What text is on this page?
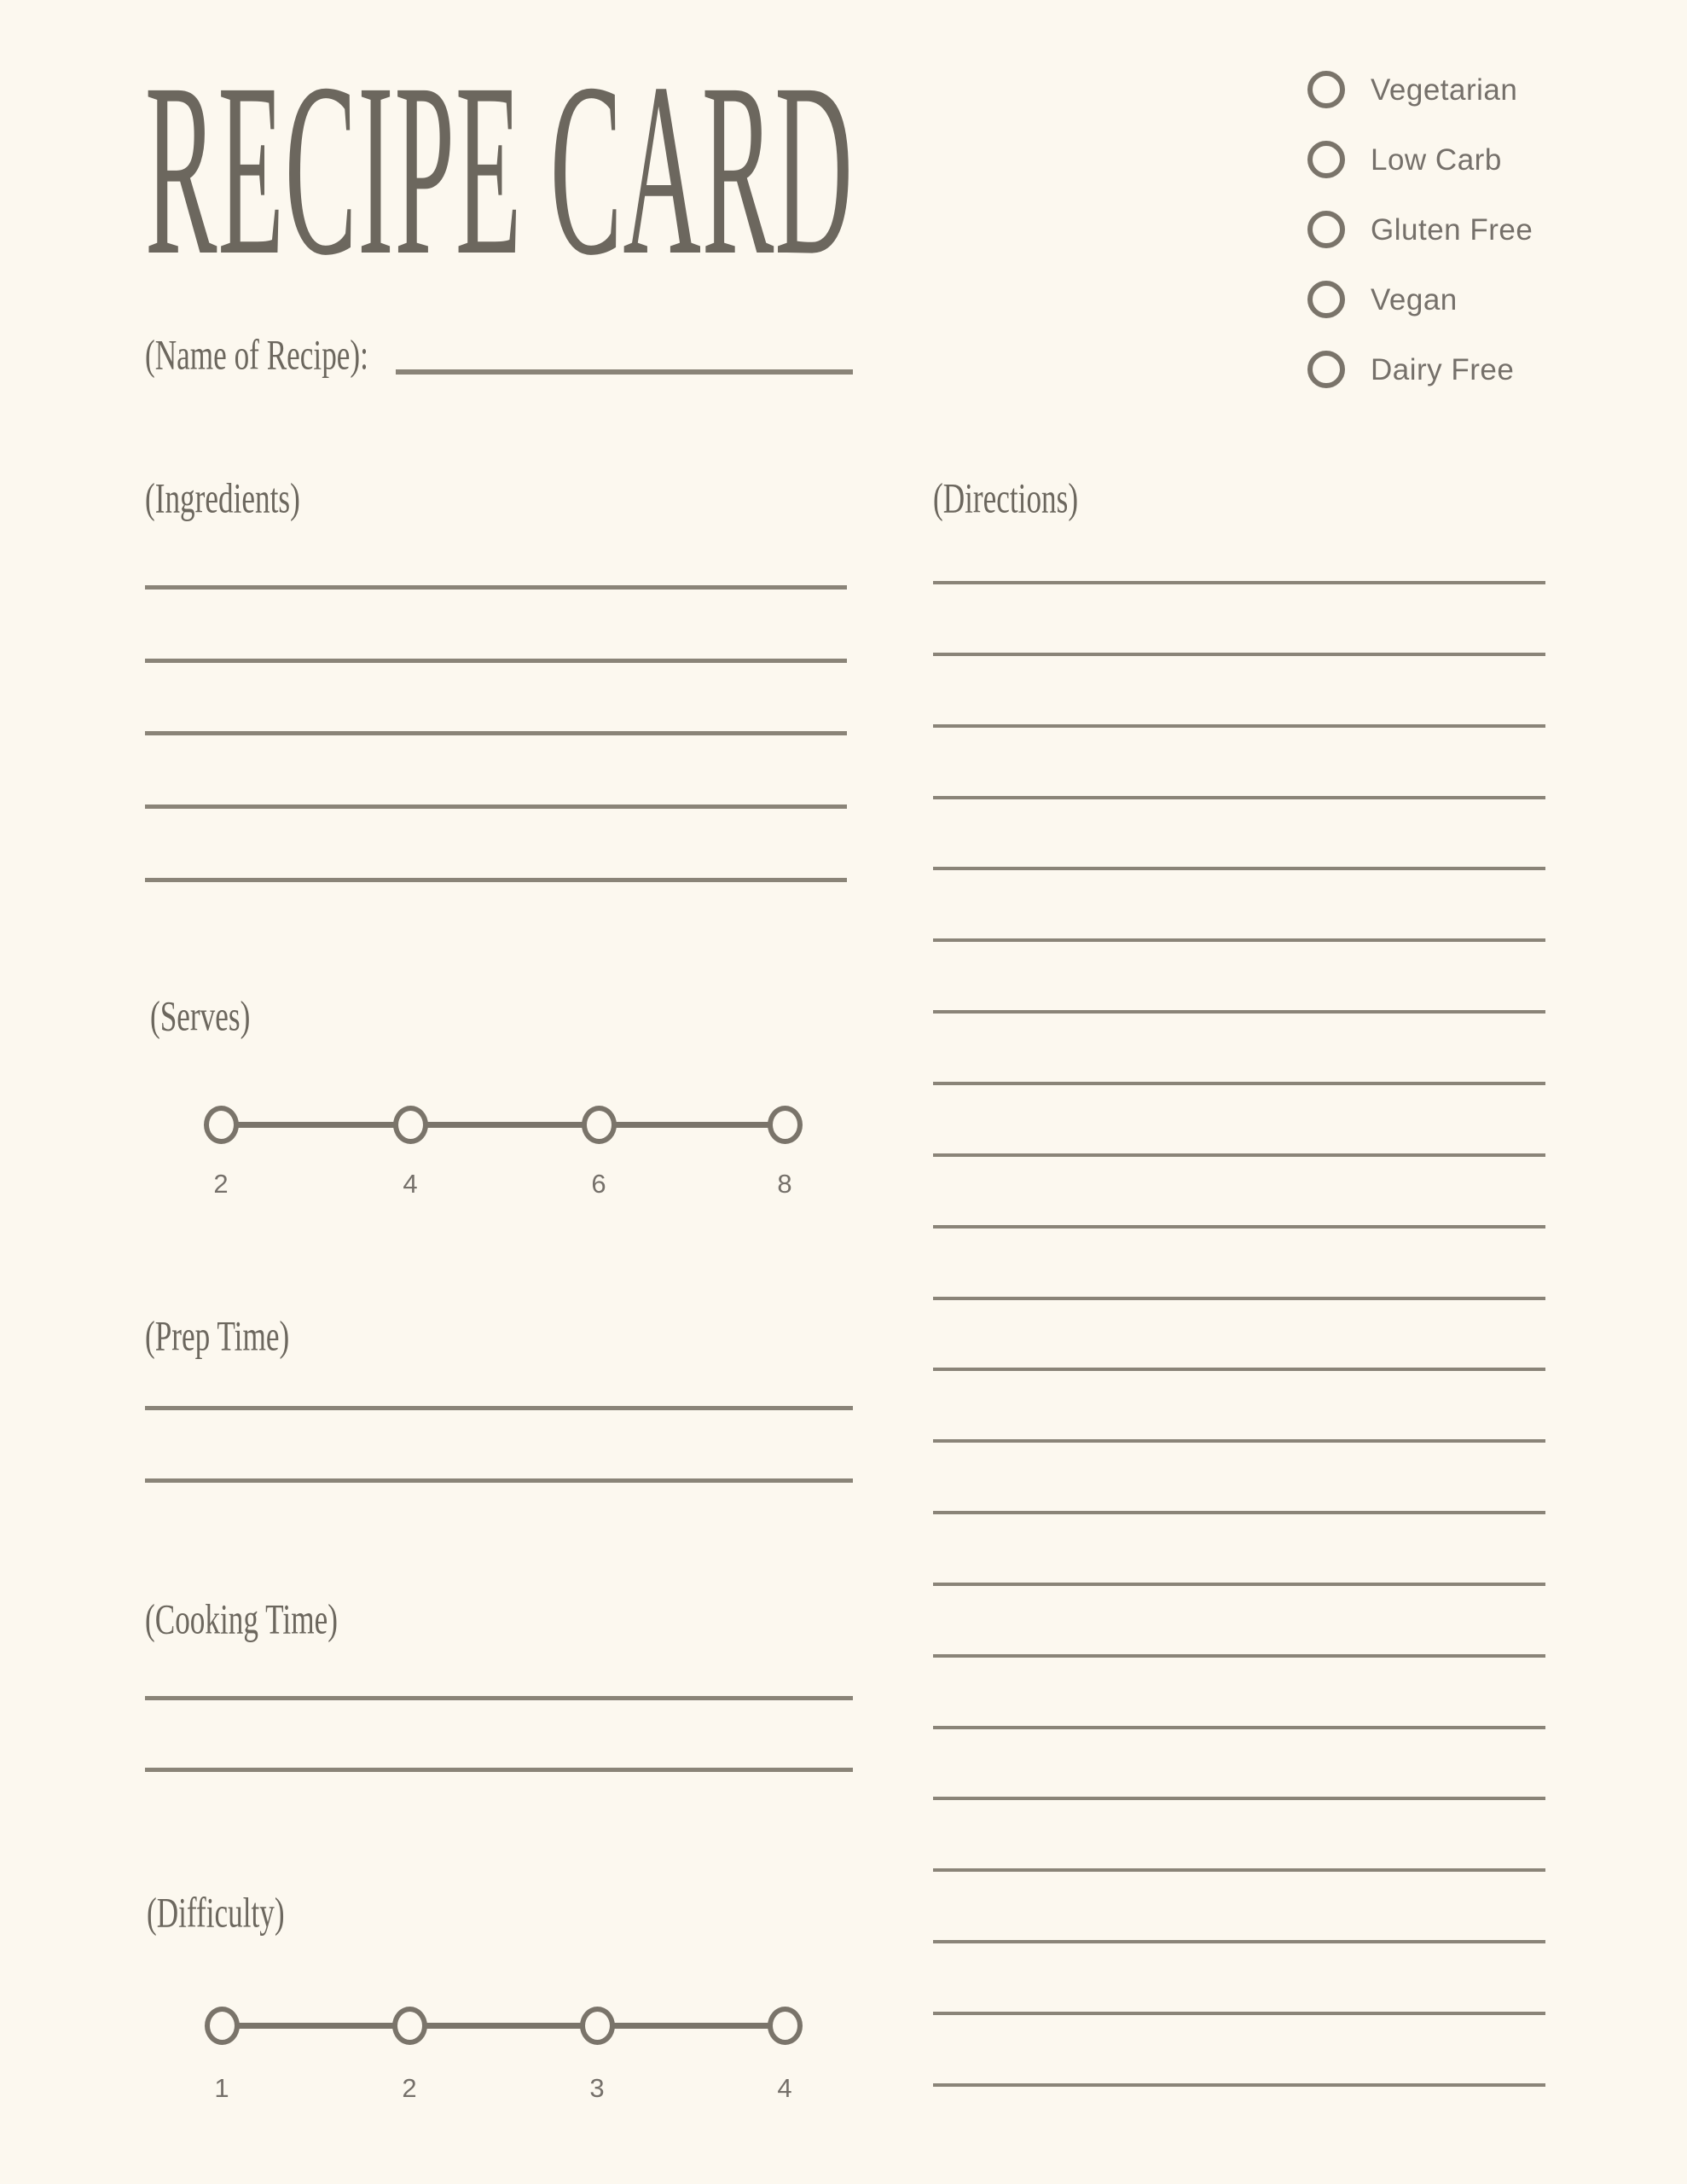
RECIPE CARD	Vegetarian
Low Carb
Gluten Free
Vegan
Dairy Free

(Name of Recipe):

(Ingredients)	(Directions)

(Serves)

2	4	6	8

(Prep Time)

(Cooking Time)

(Difficulty)

1	2	3	4
